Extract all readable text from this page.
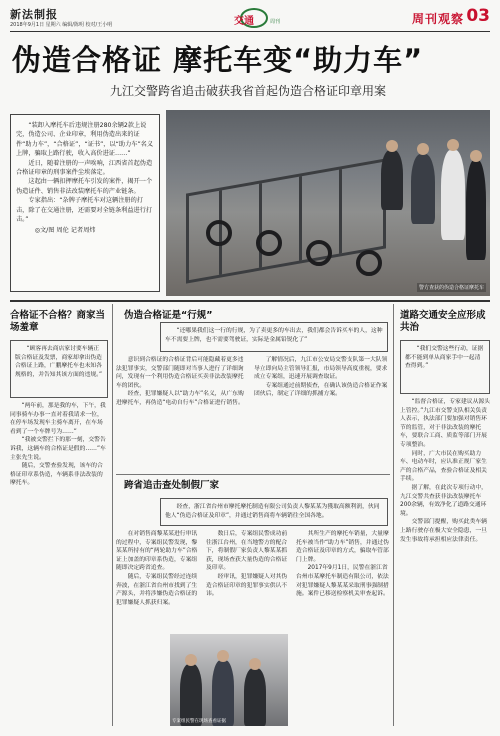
新法制报
2018年9月1日 星期六 编辑/陈明 校对/王小明	交通	周刊	周刊观察 03
伪造合格证 摩托车变“助力车”
九江交警跨省追击破获我省首起伪造合格证印章用案

“装卸入摩托车后违规注册280余辆2款上说完，伪造公司、企业印章，利用伪造出来的证件“助力车”，“合格证”，“证书”，以“助力车”名义上牌，骗取上路行驶，收入高价进证……”

近日，随着注册的一声唉响，江西省首起伪造合格证印章的刑事案件尘埃落定。

这起由一辆扣押摩托车引发的案件，揭开一个伪造证件、销售非法改装摩托车的产业链条。

专家指出：“杂牌子摩托车对这辆注册的打击，除了在交通注册，还需要对全链条利益进行打击。”

◎文/图 周伦 记者周炜

警方查获的伪造合格证摩托车
合格证不合格？商家当场羞章

“顾客再去商店家讨要车辆正版合格证及发票，商家却拿出伪造合格证上路，广鹏摩托车也未知各规格的，并告知其该方面的违规。”

“两年前，那是我的车，下午，我同事骑车办事一直对着我请求一位，在停车场发现车主骑车离开，在车场看到了一个车牌号为……”

“我被交警拦下的那一刻，交警告诉我，这辆车的合格证是假的……”车主张先生说。

随后，交警查验发现，该车的合格证印章系伪造，车辆系非法改装的摩托车。

伪造合格证是“行规”

“还哪果我们这一行的行规，为了卖更多的车出去，我们都会告诉买车的人，这种车不需要上牌，也不需要驾驶证，实际是金属铅锐化了”

意识到合格证的合格证背后可能隐藏着更多违法犯罪事实，交警部门随即对当事人进行了详细询问，发现有一个利用伪造合格证买卖非法改装摩托车的团伙。

经查，犯罪嫌疑人以“助力车”名义，从广东购进摩托车，再伪造“电动自行车”合格证进行销售。

了解情况后，九江市公安局交警支队第一大队领导立即向局主管领导汇报，市局领导高度重视，要求成立专案组，迅速开展调查取证。

专案组通过前期侦查，在确认该伪造合格证作案团伙后，制定了详细的抓捕方案。

跨省追击查处制假厂家

经查，浙江省台州市摩托摩托制造有限公司负责人黎某某为獲取高额利润，伙同他人“伪造合格证及印章”，并通过销售商将车辆销往全国各地。

在对销售商黎某某进行审讯的过程中，专案组民警发现，黎某某所持有的“两轮助力车”合格证上加盖的印章系伪造，专案组随即决定跨省追查。

随后，专案组民警经过连续奔波，在浙江省台州市找到了生产源头，并将涉嫌伪造合格证的犯罪嫌疑人抓获归案。

数日后，专案组民警成功前往浙江台州，在当地警方的配合下，将制假厂家负责人黎某某抓获，现场查获大量伪造的合格证及印章。

经审讯，犯罪嫌疑人对其伪造合格证印章的犯罪事实供认不讳。

其所生产的摩托车销量，大量摩托车被当作“助力车”销售，并通过伪造合格证及印章的方式，骗取车管部门上牌。

2017年9月1日，民警在浙江省台州市某摩托车制造有限公司，依法对犯罪嫌疑人黎某某采取刑事强制措施。案件已移送检察机关审查起诉。

专案组民警在现场查看证据
道路交通安全应形成共治

“我们交警这些行动，证据都不能到单从商家手中一起清查得到。”

“监督合格证，专家建议从源头上管控。”九江市交警支队相关负责人表示，执法部门要加强对销售环节的监管，对于非法改装的摩托车，要联合工商、质监等部门开展专项整治。

同时，广大市民在购买助力车、电动车时，应认准正规厂家生产的合格产品，查验合格证及相关手续。

据了解，在此次专项行动中，九江交警共查获非法改装摩托车200余辆，有效净化了道路交通环境。

交警部门提醒，购买此类车辆上路行驶存在极大安全隐患，一旦发生事故将承担相应法律责任。
